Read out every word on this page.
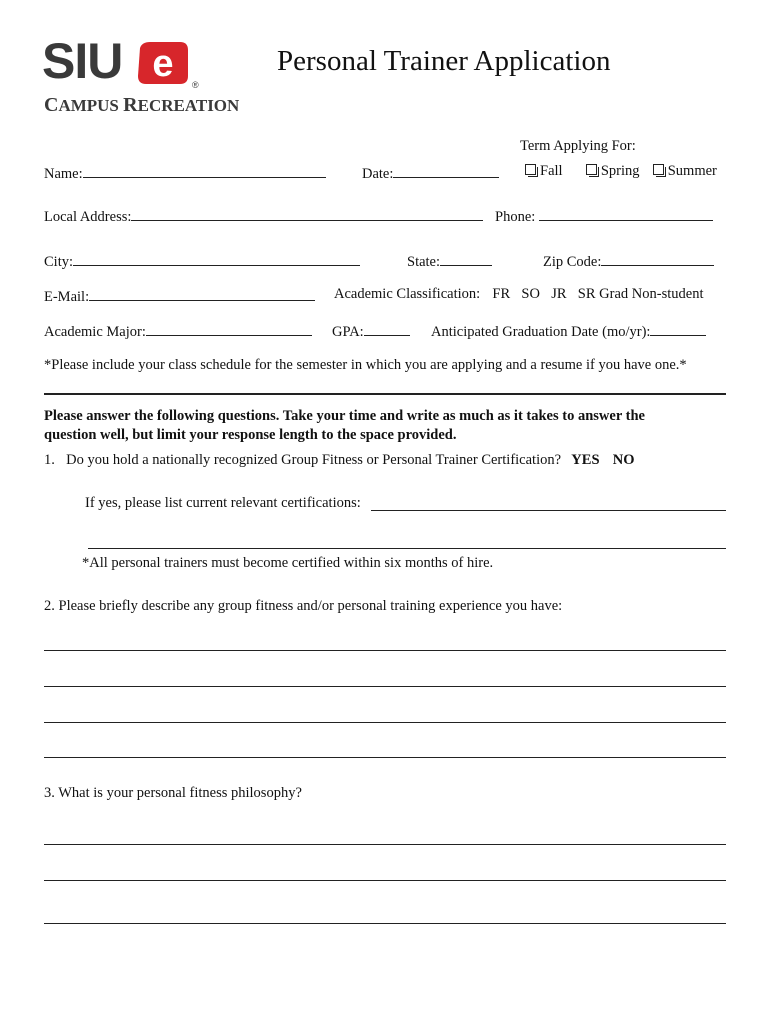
SIU e ®
CAMPUS RECREATION
Personal Trainer Application
Term Applying For:
Name:	Date:	Fall	Spring Summer
Local Address:	Phone:
City:	State:	Zip Code:
E-Mail:	Academic Classification: FR SO JR SR Grad Non-student
Academic Major:	GPA:	Anticipated Graduation Date (mo/yr):
*Please include your class schedule for the semester in which you are applying and a resume if you have one.*
Please answer the following questions. Take your time and write as much as it takes to answer the
question well, but limit your response length to the space provided.
1. Do you hold a nationally recognized Group Fitness or Personal Trainer Certification? YES NO
If yes, please list current relevant certifications:
*All personal trainers must become certified within six months of hire.
2. Please briefly describe any group fitness and/or personal training experience you have:
3. What is your personal fitness philosophy?
